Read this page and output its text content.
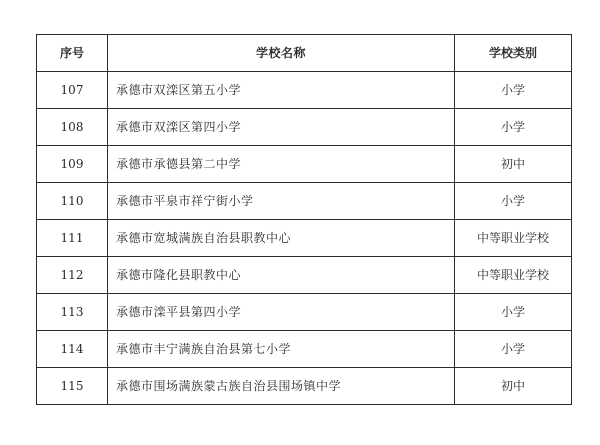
序号	学校名称	学校类别
107	承德市双滦区第五小学	小学
108	承德市双滦区第四小学	小学
109	承德市承德县第二中学	初中
110	承德市平泉市祥宁街小学	小学
111	承德市宽城满族自治县职教中心	中等职业学校
112	承德市隆化县职教中心	中等职业学校
113	承德市滦平县第四小学	小学
114	承德市丰宁满族自治县第七小学	小学
115	承德市围场满族蒙古族自治县围场镇中学	初中
